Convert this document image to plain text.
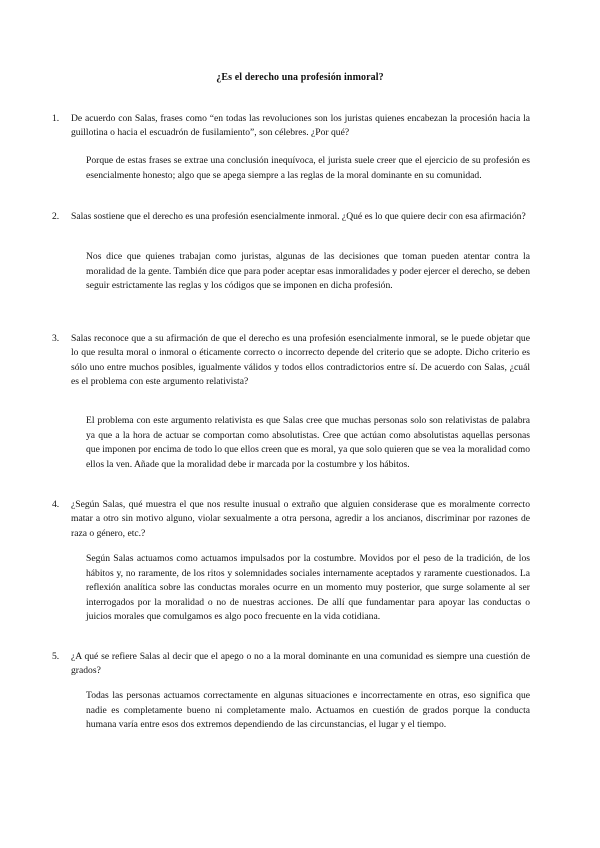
¿Es el derecho una profesión inmoral?
1. De acuerdo con Salas, frases como “en todas las revoluciones son los juristas quienes encabezan la procesión hacia la guillotina o hacia el escuadrón de fusilamiento”, son célebres. ¿Por qué?
Porque de estas frases se extrae una conclusión inequívoca, el jurista suele creer que el ejercicio de su profesión es esencialmente honesto; algo que se apega siempre a las reglas de la moral dominante en su comunidad.
2. Salas sostiene que el derecho es una profesión esencialmente inmoral. ¿Qué es lo que quiere decir con esa afirmación?
Nos dice que quienes trabajan como juristas, algunas de las decisiones que toman pueden atentar contra la moralidad de la gente. También dice que para poder aceptar esas inmoralidades y poder ejercer el derecho, se deben seguir estrictamente las reglas y los códigos que se imponen en dicha profesión.
3. Salas reconoce que a su afirmación de que el derecho es una profesión esencialmente inmoral, se le puede objetar que lo que resulta moral o inmoral o éticamente correcto o incorrecto depende del criterio que se adopte. Dicho criterio es sólo uno entre muchos posibles, igualmente válidos y todos ellos contradictorios entre sí. De acuerdo con Salas, ¿cuál es el problema con este argumento relativista?
El problema con este argumento relativista es que Salas cree que muchas personas solo son relativistas de palabra ya que a la hora de actuar se comportan como absolutistas. Cree que actúan como absolutistas aquellas personas que imponen por encima de todo lo que ellos creen que es moral, ya que solo quieren que se vea la moralidad como ellos la ven. Añade que la moralidad debe ir marcada por la costumbre y los hábitos.
4. ¿Según Salas, qué muestra el que nos resulte inusual o extraño que alguien considerase que es moralmente correcto matar a otro sin motivo alguno, violar sexualmente a otra persona, agredir a los ancianos, discriminar por razones de raza o género, etc.?
Según Salas actuamos como actuamos impulsados por la costumbre. Movidos por el peso de la tradición, de los hábitos y, no raramente, de los ritos y solemnidades sociales internamente aceptados y raramente cuestionados. La reflexión analítica sobre las conductas morales ocurre en un momento muy posterior, que surge solamente al ser interrogados por la moralidad o no de nuestras acciones. De allí que fundamentar para apoyar las conductas o juicios morales que comulgamos es algo poco frecuente en la vida cotidiana.
5. ¿A qué se refiere Salas al decir que el apego o no a la moral dominante en una comunidad es siempre una cuestión de grados?
Todas las personas actuamos correctamente en algunas situaciones e incorrectamente en otras, eso significa que nadie es completamente bueno ni completamente malo. Actuamos en cuestión de grados porque la conducta humana varía entre esos dos extremos dependiendo de las circunstancias, el lugar y el tiempo.
